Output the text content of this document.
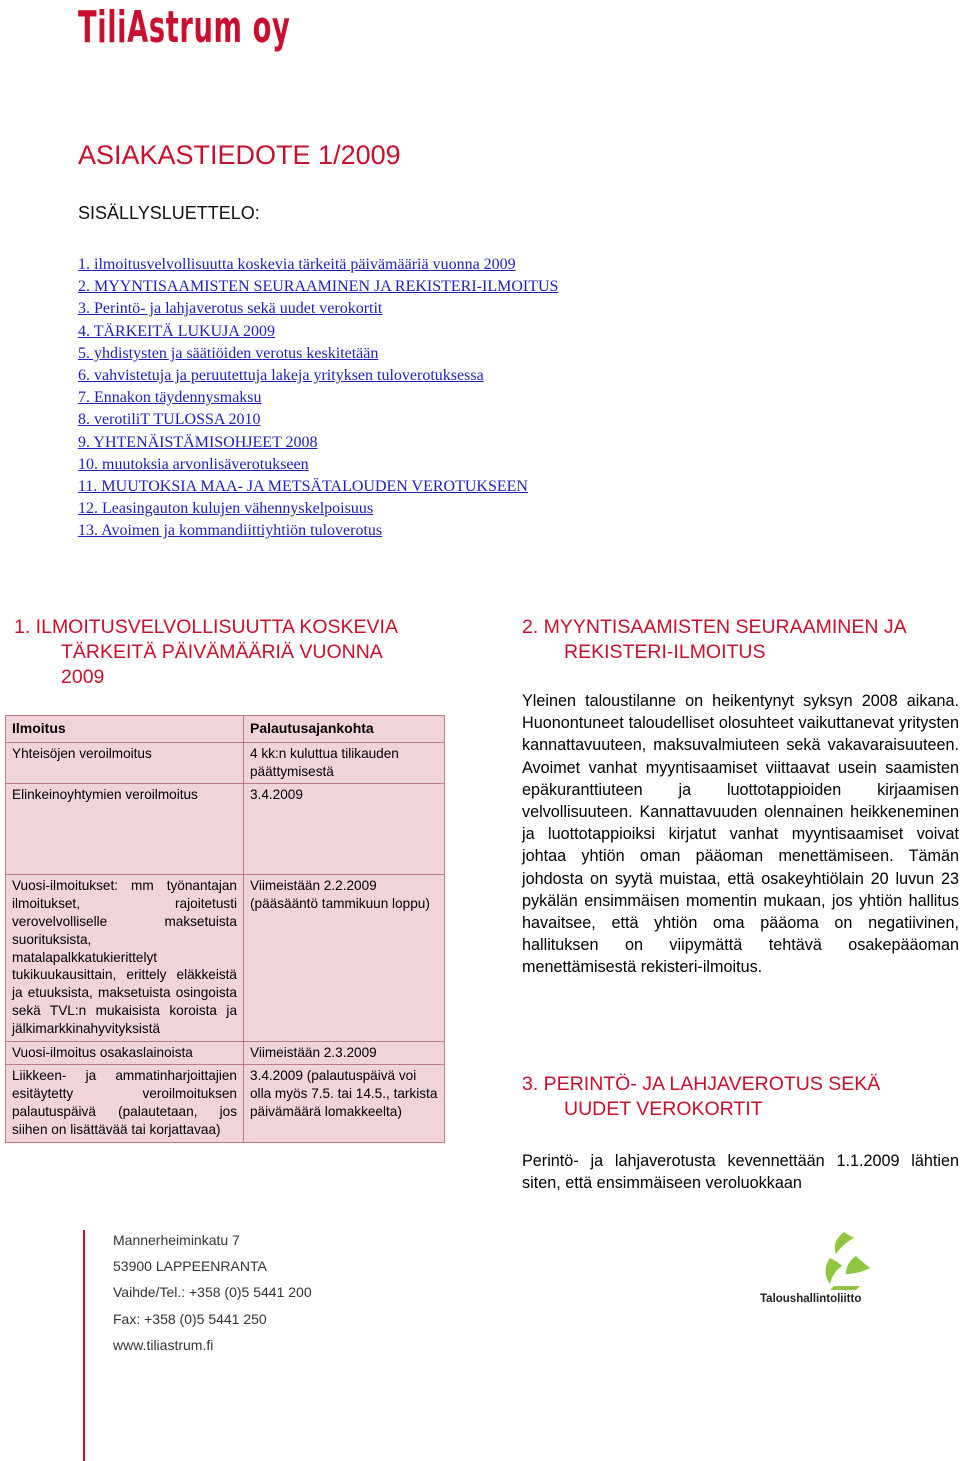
TiliAstrum oy
ASIAKASTIEDOTE 1/2009
SISÄLLYSLUETTELO:
1. ilmoitusvelvollisuutta koskevia tärkeitä päivämääriä vuonna 2009
2. MYYNTISAAMISTEN SEURAAMINEN JA REKISTERI-ILMOITUS
3. Perintö- ja lahjaverotus sekä uudet verokortit
4. TÄRKEITÄ LUKUJA 2009
5. yhdistysten ja säätiöiden verotus keskitetään
6. vahvistetuja ja peruutettuja lakeja yrityksen tuloverotuksessa
7. Ennakon täydennysmaksu
8. verotiliT TULOSSA 2010
9. YHTENÄISTÄMISOHJEET 2008
10. muutoksia arvonlisäverotukseen
11. MUUTOKSIA MAA- JA METSÄTALOUDEN VEROTUKSEEN
12. Leasingauton kulujen vähennyskelpoisuus
13. Avoimen ja kommandiittiyhtiön tuloverotus
1. ILMOITUSVELVOLLISUUTTA KOSKEVIA
TÄRKEITÄ PÄIVÄMÄÄRIÄ VUONNA
2009
Ilmoitus	Palautusajankohta
Yhteisöjen veroilmoitus	4 kk:n kuluttua tilikauden päättymisestä
Elinkeinoyhtymien veroilmoitus	3.4.2009
Vuosi-ilmoitukset: mm työnantajan ilmoitukset, rajoitetusti verovelvolliselle maksetuista suorituksista, matalapalkkatukierittelyt tukikuukausittain, erittely eläkkeistä ja etuuksista, maksetuista osingoista sekä TVL:n mukaisista koroista ja jälkimarkkinahyvityksistä	Viimeistään 2.2.2009 (pääsääntö tammikuun loppu)
Vuosi-ilmoitus osakaslainoista	Viimeistään 2.3.2009
Liikkeen- ja ammatinharjoittajien esitäytetty veroilmoituksen palautuspäivä (palautetaan, jos siihen on lisättävää tai korjattavaa)	3.4.2009 (palautuspäivä voi olla myös 7.5. tai 14.5., tarkista päivämäärä lomakkeelta)
2. MYYNTISAAMISTEN SEURAAMINEN JA
REKISTERI-ILMOITUS
Yleinen taloustilanne on heikentynyt syksyn 2008 aikana. Huonontuneet taloudelliset olosuhteet vaikuttanevat yritysten kannattavuuteen, maksuvalmiuteen sekä vakavaraisuuteen. Avoimet vanhat myyntisaamiset viittaavat usein saamisten epäkuranttiuteen ja luottotappioiden kirjaamisen velvollisuuteen. Kannattavuuden olennainen heikkeneminen ja luottotappioiksi kirjatut vanhat myyntisaamiset voivat johtaa yhtiön oman pääoman menettämiseen. Tämän johdosta on syytä muistaa, että osakeyhtiölain 20 luvun 23 pykälän ensimmäisen momentin mukaan, jos yhtiön hallitus havaitsee, että yhtiön oma pääoma on negatiivinen, hallituksen on viipymättä tehtävä osakepääoman menettämisestä rekisteri-ilmoitus.
3. PERINTÖ- JA LAHJAVEROTUS SEKÄ
UUDET VEROKORTIT
Perintö- ja lahjaverotusta kevennettään 1.1.2009 lähtien siten, että ensimmäiseen veroluokkaan
Mannerheiminkatu 7
53900 LAPPEENRANTA
Vaihde/Tel.: +358 (0)5 5441 200
Fax: +358 (0)5 5441 250
www.tiliastrum.fi
Taloushallintoliitto
